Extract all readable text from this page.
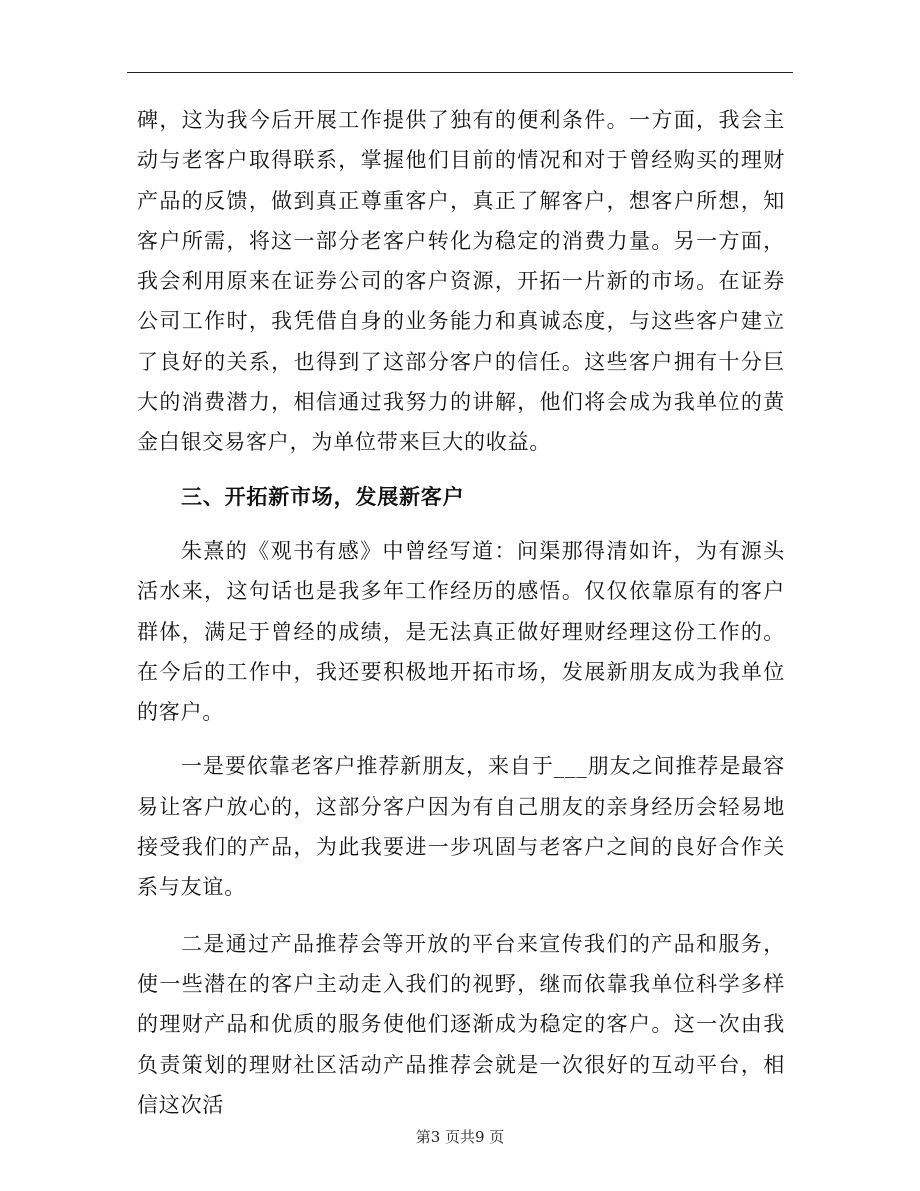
碑，这为我今后开展工作提供了独有的便利条件。一方面，我会主动与老客户取得联系，掌握他们目前的情况和对于曾经购买的理财产品的反馈，做到真正尊重客户，真正了解客户，想客户所想，知客户所需，将这一部分老客户转化为稳定的消费力量。另一方面，我会利用原来在证券公司的客户资源，开拓一片新的市场。在证券公司工作时，我凭借自身的业务能力和真诚态度，与这些客户建立了良好的关系，也得到了这部分客户的信任。这些客户拥有十分巨大的消费潜力，相信通过我努力的讲解，他们将会成为我单位的黄金白银交易客户，为单位带来巨大的收益。

三、开拓新市场，发展新客户

朱熹的《观书有感》中曾经写道：问渠那得清如许，为有源头活水来，这句话也是我多年工作经历的感悟。仅仅依靠原有的客户群体，满足于曾经的成绩，是无法真正做好理财经理这份工作的。在今后的工作中，我还要积极地开拓市场，发展新朋友成为我单位的客户。

一是要依靠老客户推荐新朋友，来自于___朋友之间推荐是最容易让客户放心的，这部分客户因为有自己朋友的亲身经历会轻易地接受我们的产品，为此我要进一步巩固与老客户之间的良好合作关系与友谊。

二是通过产品推荐会等开放的平台来宣传我们的产品和服务，使一些潜在的客户主动走入我们的视野，继而依靠我单位科学多样的理财产品和优质的服务使他们逐渐成为稳定的客户。这一次由我负责策划的理财社区活动产品推荐会就是一次很好的互动平台，相信这次活

第3 页共9 页
